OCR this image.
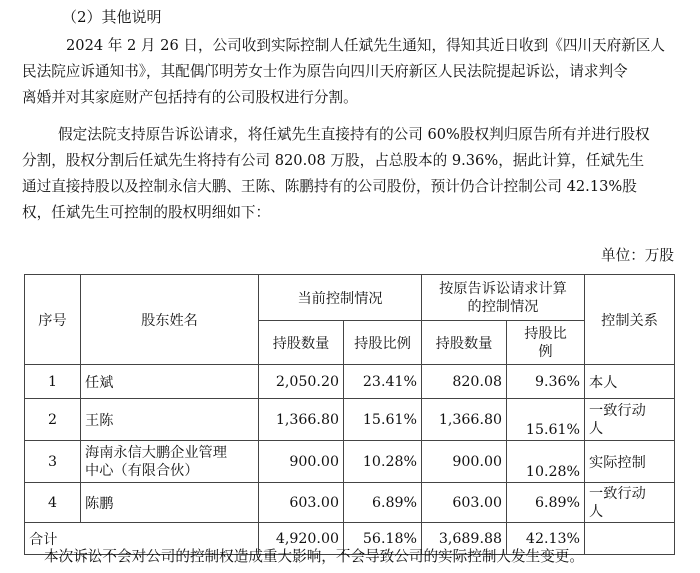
（2）其他说明

2024 年 2 月 26 日，公司收到实际控制人任斌先生通知，得知其近日收到《四川天府新区人
民法院应诉通知书》，其配偶邝明芳女士作为原告向四川天府新区人民法院提起诉讼，请求判令
离婚并对其家庭财产包括持有的公司股权进行分割。

假定法院支持原告诉讼请求，将任斌先生直接持有的公司 60%股权判归原告所有并进行股权
分割，股权分割后任斌先生将持有公司 820.08 万股，占总股本的 9.36%，据此计算，任斌先生
通过直接持股以及控制永信大鹏、王陈、陈鹏持有的公司股份，预计仍合计控制公司 42.13%股
权，任斌先生可控制的股权明细如下：

单位：万股
序号	股东姓名	当前控制情况		按原告诉讼请求计算
的控制情况		控制关系
		持股数量	持股比例	持股数量	持股比
例	

1	任斌	2,050.20	23.41%	820.08	9.36%	本人
2	王陈	1,366.80	15.61%	1,366.80	15.61%	一致行动
人

3	海南永信大鹏企业管理
中心（有限合伙）	900.00	10.28%	900.00	10.28%	实际控制
4	陈鹏	603.00	6.89%	603.00	6.89%	一致行动
人

合计		4,920.00	56.18%	3,689.88	42.13%	
本次诉讼不会对公司的控制权造成重大影响，不会导致公司的实际控制人发生变更。
